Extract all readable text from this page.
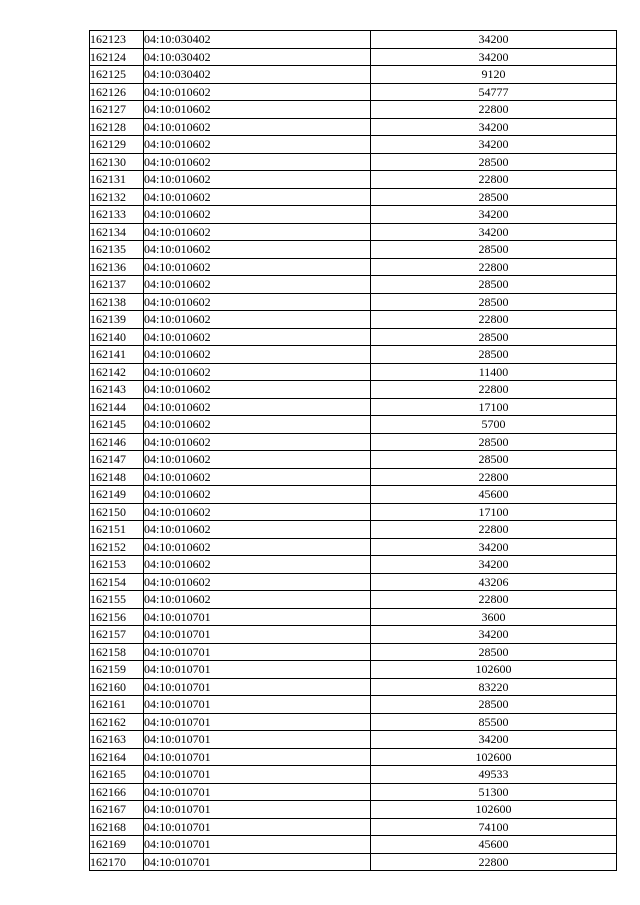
162123	04:10:030402	34200
162124	04:10:030402	34200
162125	04:10:030402	9120
162126	04:10:010602	54777
162127	04:10:010602	22800
162128	04:10:010602	34200
162129	04:10:010602	34200
162130	04:10:010602	28500
162131	04:10:010602	22800
162132	04:10:010602	28500
162133	04:10:010602	34200
162134	04:10:010602	34200
162135	04:10:010602	28500
162136	04:10:010602	22800
162137	04:10:010602	28500
162138	04:10:010602	28500
162139	04:10:010602	22800
162140	04:10:010602	28500
162141	04:10:010602	28500
162142	04:10:010602	11400
162143	04:10:010602	22800
162144	04:10:010602	17100
162145	04:10:010602	5700
162146	04:10:010602	28500
162147	04:10:010602	28500
162148	04:10:010602	22800
162149	04:10:010602	45600
162150	04:10:010602	17100
162151	04:10:010602	22800
162152	04:10:010602	34200
162153	04:10:010602	34200
162154	04:10:010602	43206
162155	04:10:010602	22800
162156	04:10:010701	3600
162157	04:10:010701	34200
162158	04:10:010701	28500
162159	04:10:010701	102600
162160	04:10:010701	83220
162161	04:10:010701	28500
162162	04:10:010701	85500
162163	04:10:010701	34200
162164	04:10:010701	102600
162165	04:10:010701	49533
162166	04:10:010701	51300
162167	04:10:010701	102600
162168	04:10:010701	74100
162169	04:10:010701	45600
162170	04:10:010701	22800
